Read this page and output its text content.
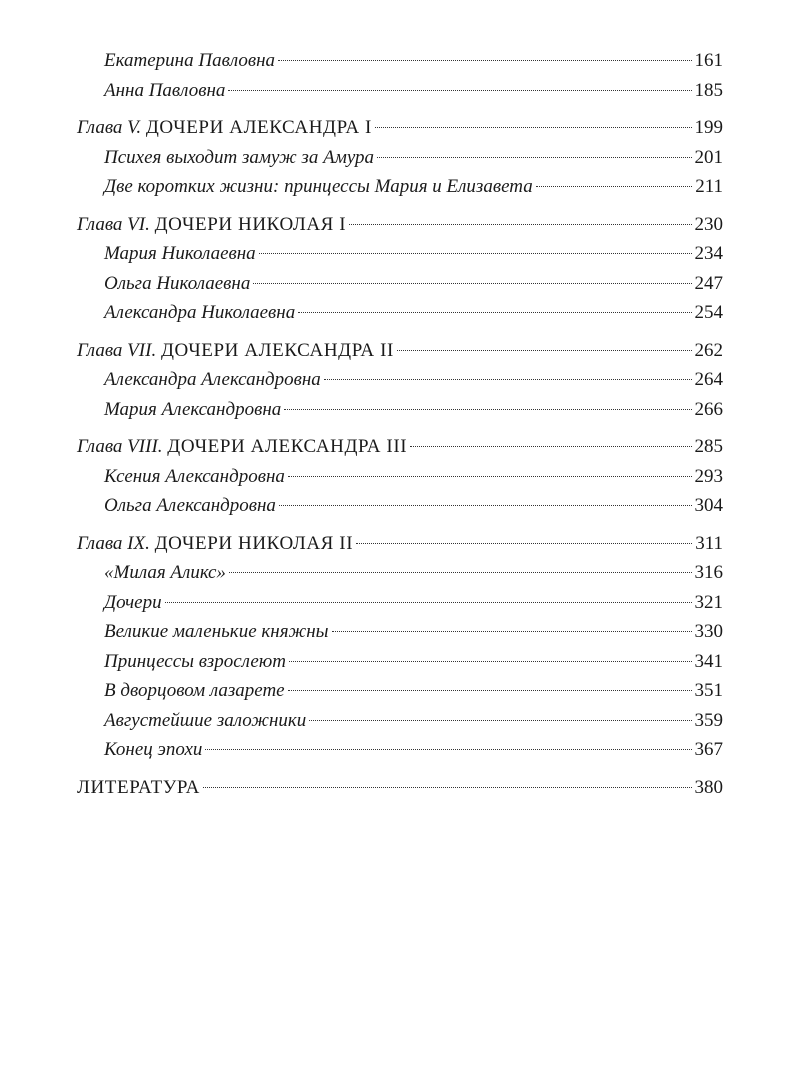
Екатерина Павловна	161
Анна Павловна	185
Глава V. ДОЧЕРИ АЛЕКСАНДРА I	199
Психея выходит замуж за Амура	201
Две коротких жизни: принцессы Мария и Елизавета	211
Глава VI. ДОЧЕРИ НИКОЛАЯ I	230
Мария Николаевна	234
Ольга Николаевна	247
Александра Николаевна	254
Глава VII. ДОЧЕРИ АЛЕКСАНДРА II	262
Александра Александровна	264
Мария Александровна	266
Глава VIII. ДОЧЕРИ АЛЕКСАНДРА III	285
Ксения Александровна	293
Ольга Александровна	304
Глава IX. ДОЧЕРИ НИКОЛАЯ II	311
«Милая Аликс»	316
Дочери	321
Великие маленькие княжны	330
Принцессы взрослеют	341
В дворцовом лазарете	351
Августейшие заложники	359
Конец эпохи	367
ЛИТЕРАТУРА	380
